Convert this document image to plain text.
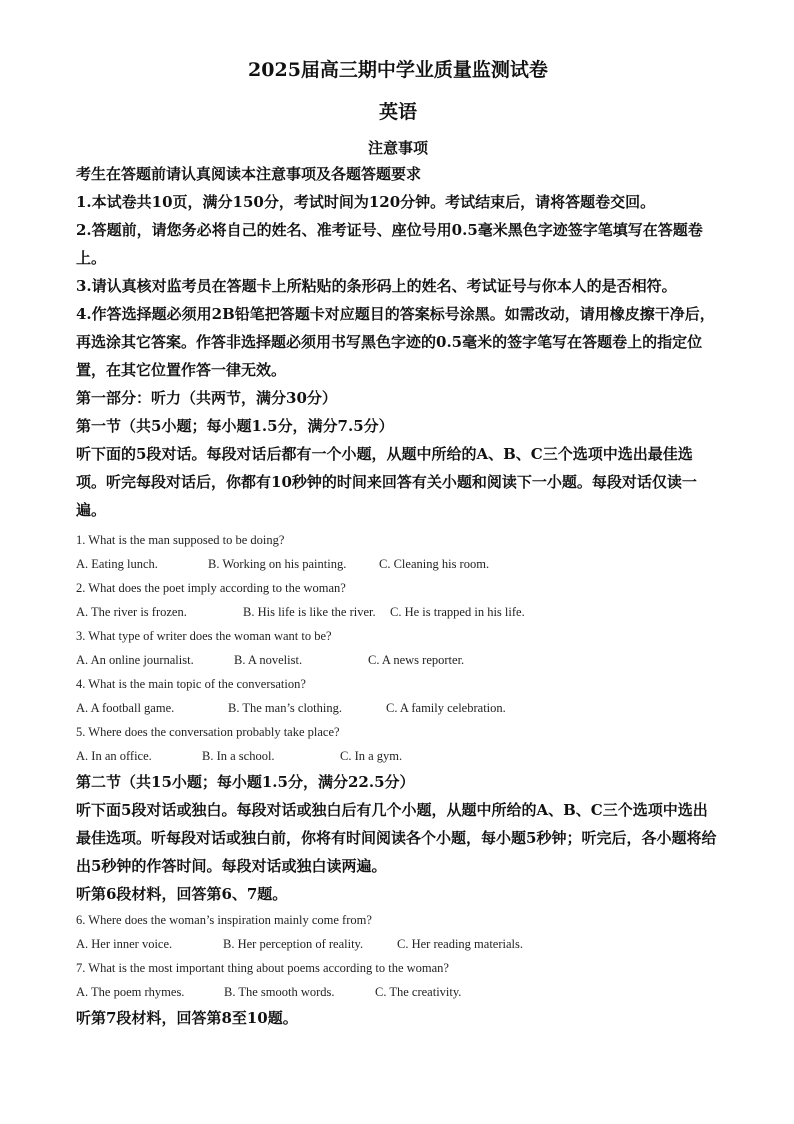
2025届高三期中学业质量监测试卷
英语
注意事项

考生在答题前请认真阅读本注意事项及各题答题要求

1.本试卷共10页，满分150分，考试时间为120分钟。考试结束后，请将答题卷交回。

2.答题前，请您务必将自己的姓名、准考证号、座位号用0.5毫米黑色字迹签字笔填写在答题卷上。

3.请认真核对监考员在答题卡上所粘贴的条形码上的姓名、考试证号与你本人的是否相符。

4.作答选择题必须用2B铅笔把答题卡对应题目的答案标号涂黑。如需改动，请用橡皮擦干净后，再选涂其它答案。作答非选择题必须用书写黑色字迹的0.5毫米的签字笔写在答题卷上的指定位置，在其它位置作答一律无效。

第一部分：听力（共两节，满分30分）

第一节（共5小题；每小题1.5分，满分7.5分）

听下面的5段对话。每段对话后都有一个小题，从题中所给的A、B、C三个选项中选出最佳选项。听完每段对话后，你都有10秒钟的时间来回答有关小题和阅读下一小题。每段对话仅读一遍。

1. What is the man supposed to be doing?

A. Eating lunch.	B. Working on his painting.	C. Cleaning his room.

2. What does the poet imply according to the woman?

A. The river is frozen.	B. His life is like the river.	C. He is trapped in his life.

3. What type of writer does the woman want to be?

A. An online journalist.	B. A novelist.	C. A news reporter.

4. What is the main topic of the conversation?

A. A football game.	B. The man’s clothing.	C. A family celebration.

5. Where does the conversation probably take place?

A. In an office.	B. In a school.	C. In a gym.

第二节（共15小题；每小题1.5分，满分22.5分）

听下面5段对话或独白。每段对话或独白后有几个小题，从题中所给的A、B、C三个选项中选出最佳选项。听每段对话或独白前，你将有时间阅读各个小题，每小题5秒钟；听完后，各小题将给出5秒钟的作答时间。每段对话或独白读两遍。

听第6段材料，回答第6、7题。

6. Where does the woman’s inspiration mainly come from?

A. Her inner voice.	B. Her perception of reality.	C. Her reading materials.

7. What is the most important thing about poems according to the woman?

A. The poem rhymes.	B. The smooth words.	C. The creativity.

听第7段材料，回答第8至10题。
